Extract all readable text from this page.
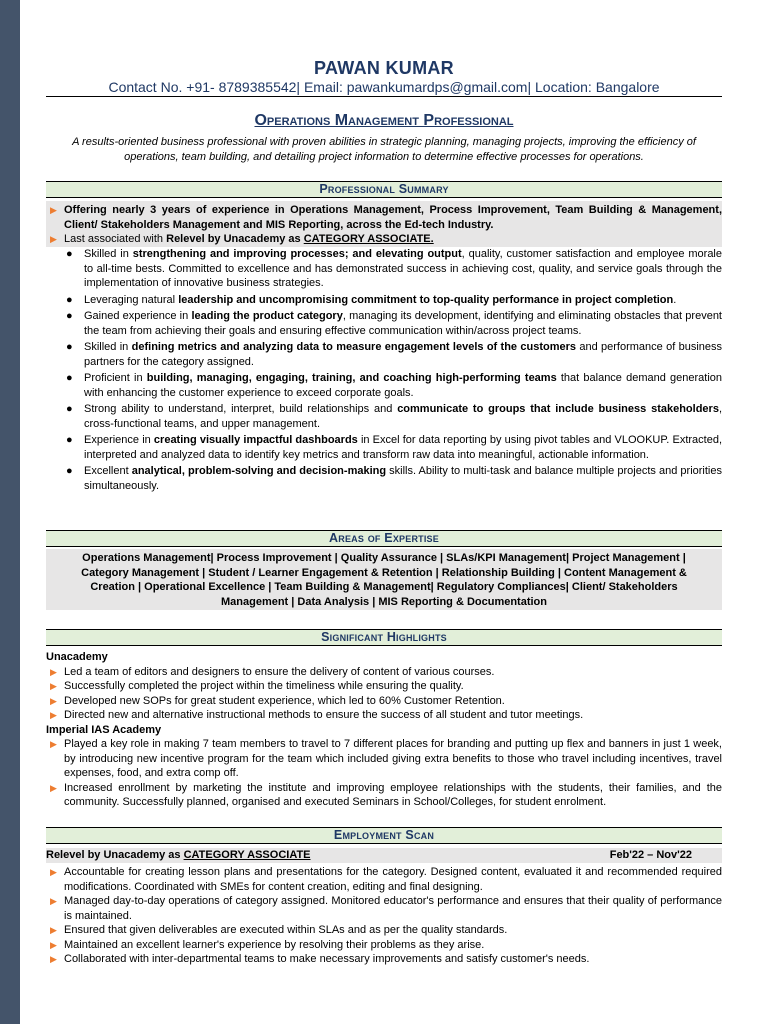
PAWAN KUMAR
Contact No. +91- 8789385542| Email: pawankumardps@gmail.com| Location: Bangalore
Operations Management Professional
A results-oriented business professional with proven abilities in strategic planning, managing projects, improving the efficiency of operations, team building, and detailing project information to determine effective processes for operations.
Professional Summary
▶ Offering nearly 3 years of experience in Operations Management, Process Improvement, Team Building & Management, Client/ Stakeholders Management and MIS Reporting, across the Ed-tech Industry.
▶ Last associated with Relevel by Unacademy as CATEGORY ASSOCIATE.
● Skilled in strengthening and improving processes; and elevating output, quality, customer satisfaction and employee morale to all-time bests. Committed to excellence and has demonstrated success in achieving cost, quality, and service goals through the implementation of innovative business strategies.
● Leveraging natural leadership and uncompromising commitment to top-quality performance in project completion.
● Gained experience in leading the product category, managing its development, identifying and eliminating obstacles that prevent the team from achieving their goals and ensuring effective communication within/across project teams.
● Skilled in defining metrics and analyzing data to measure engagement levels of the customers and performance of business partners for the category assigned.
● Proficient in building, managing, engaging, training, and coaching high-performing teams that balance demand generation with enhancing the customer experience to exceed corporate goals.
● Strong ability to understand, interpret, build relationships and communicate to groups that include business stakeholders, cross-functional teams, and upper management.
● Experience in creating visually impactful dashboards in Excel for data reporting by using pivot tables and VLOOKUP. Extracted, interpreted and analyzed data to identify key metrics and transform raw data into meaningful, actionable information.
● Excellent analytical, problem-solving and decision-making skills. Ability to multi-task and balance multiple projects and priorities simultaneously.
Areas of Expertise
Operations Management| Process Improvement | Quality Assurance | SLAs/KPI Management| Project Management | Category Management | Student / Learner Engagement & Retention | Relationship Building | Content Management & Creation | Operational Excellence | Team Building & Management| Regulatory Compliances| Client/ Stakeholders Management | Data Analysis | MIS Reporting & Documentation
Significant Highlights
Unacademy
▶ Led a team of editors and designers to ensure the delivery of content of various courses.
▶ Successfully completed the project within the timeliness while ensuring the quality.
▶ Developed new SOPs for great student experience, which led to 60% Customer Retention.
▶ Directed new and alternative instructional methods to ensure the success of all student and tutor meetings.
Imperial IAS Academy
▶ Played a key role in making 7 team members to travel to 7 different places for branding and putting up flex and banners in just 1 week, by introducing new incentive program for the team which included giving extra benefits to those who travel including incentives, travel expenses, food, and extra comp off.
▶ Increased enrollment by marketing the institute and improving employee relationships with the students, their families, and the community. Successfully planned, organised and executed Seminars in School/Colleges, for student enrolment.
Employment Scan
Relevel by Unacademy as CATEGORY ASSOCIATE	Feb'22 – Nov'22
▶ Accountable for creating lesson plans and presentations for the category. Designed content, evaluated it and recommended required modifications. Coordinated with SMEs for content creation, editing and final designing.
▶ Managed day-to-day operations of category assigned. Monitored educator's performance and ensures that their quality of performance is maintained.
▶ Ensured that given deliverables are executed within SLAs and as per the quality standards.
▶ Maintained an excellent learner's experience by resolving their problems as they arise.
▶ Collaborated with inter-departmental teams to make necessary improvements and satisfy customer's needs.
